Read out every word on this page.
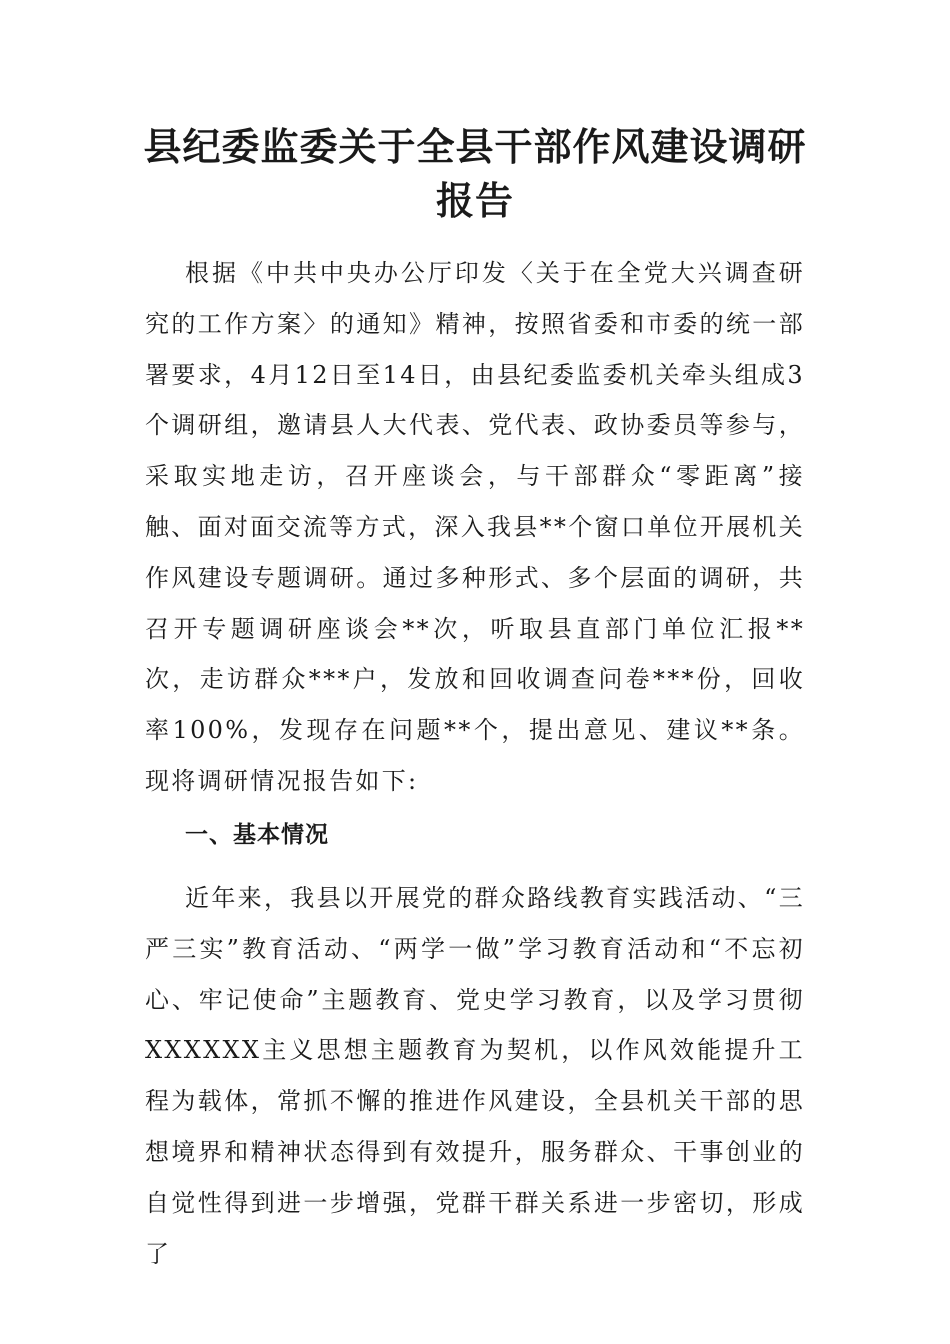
县纪委监委关于全县干部作风建设调研报告

根据《中共中央办公厅印发〈关于在全党大兴调查研究的工作方案〉的通知》精神，按照省委和市委的统一部署要求，4月12日至14日，由县纪委监委机关牵头组成3个调研组，邀请县人大代表、党代表、政协委员等参与，采取实地走访，召开座谈会，与干部群众“零距离”接触、面对面交流等方式，深入我县**个窗口单位开展机关作风建设专题调研。通过多种形式、多个层面的调研，共召开专题调研座谈会**次，听取县直部门单位汇报**次，走访群众***户，发放和回收调查问卷***份，回收率100%，发现存在问题**个，提出意见、建议**条。现将调研情况报告如下:

一、基本情况

近年来，我县以开展党的群众路线教育实践活动、“三严三实”教育活动、“两学一做”学习教育活动和“不忘初心、牢记使命”主题教育、党史学习教育，以及学习贯彻XXXXXX主义思想主题教育为契机，以作风效能提升工程为载体，常抓不懈的推进作风建设，全县机关干部的思想境界和精神状态得到有效提升，服务群众、干事创业的自觉性得到进一步增强，党群干群关系进一步密切，形成了
